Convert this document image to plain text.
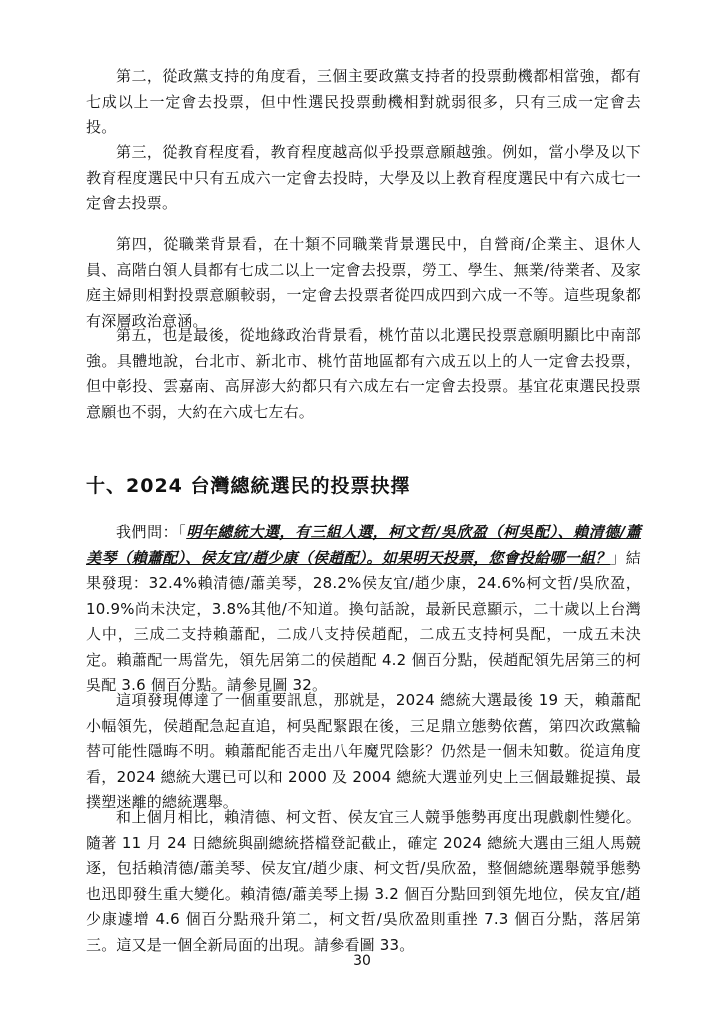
第二，從政黨支持的角度看，三個主要政黨支持者的投票動機都相當強，都有七成以上一定會去投票，但中性選民投票動機相對就弱很多，只有三成一定會去投。

第三，從教育程度看，教育程度越高似乎投票意願越強。例如，當小學及以下教育程度選民中只有五成六一定會去投時，大學及以上教育程度選民中有六成七一定會去投票。

第四，從職業背景看，在十類不同職業背景選民中，自營商/企業主、退休人員、高階白領人員都有七成二以上一定會去投票，勞工、學生、無業/待業者、及家庭主婦則相對投票意願較弱，一定會去投票者從四成四到六成一不等。這些現象都有深層政治意涵。

第五，也是最後，從地緣政治背景看，桃竹苗以北選民投票意願明顯比中南部強。具體地說，台北市、新北市、桃竹苗地區都有六成五以上的人一定會去投票，但中彰投、雲嘉南、高屏澎大約都只有六成左右一定會去投票。基宜花東選民投票意願也不弱，大約在六成七左右。

十、2024 台灣總統選民的投票抉擇

我們問：「明年總統大選，有三組人選，柯文哲/吳欣盈（柯吳配）、賴清德/蕭美琴（賴蕭配）、侯友宜/趙少康（侯趙配）。如果明天投票，您會投給哪一組？」結果發現：32.4%賴清德/蕭美琴，28.2%侯友宜/趙少康，24.6%柯文哲/吳欣盈，10.9%尚未決定，3.8%其他/不知道。換句話說，最新民意顯示，二十歲以上台灣人中，三成二支持賴蕭配，二成八支持侯趙配，二成五支持柯吳配，一成五未決定。賴蕭配一馬當先，領先居第二的侯趙配 4.2 個百分點，侯趙配領先居第三的柯吳配 3.6 個百分點。請參見圖 32。

這項發現傳達了一個重要訊息，那就是，2024 總統大選最後 19 天，賴蕭配小幅領先，侯趙配急起直追，柯吳配緊跟在後，三足鼎立態勢依舊，第四次政黨輪替可能性隱晦不明。賴蕭配能否走出八年魔咒陰影？仍然是一個未知數。從這角度看，2024 總統大選已可以和 2000 及 2004 總統大選並列史上三個最難捉摸、最撲塑迷離的總統選舉。

和上個月相比，賴清德、柯文哲、侯友宜三人競爭態勢再度出現戲劇性變化。隨著 11 月 24 日總統與副總統搭檔登記截止，確定 2024 總統大選由三組人馬競逐，包括賴清德/蕭美琴、侯友宜/趙少康、柯文哲/吳欣盈，整個總統選舉競爭態勢也迅即發生重大變化。賴清德/蕭美琴上揚 3.2 個百分點回到領先地位，侯友宜/趙少康遽增 4.6 個百分點飛升第二，柯文哲/吳欣盈則重挫 7.3 個百分點，落居第三。這又是一個全新局面的出現。請參看圖 33。

30
